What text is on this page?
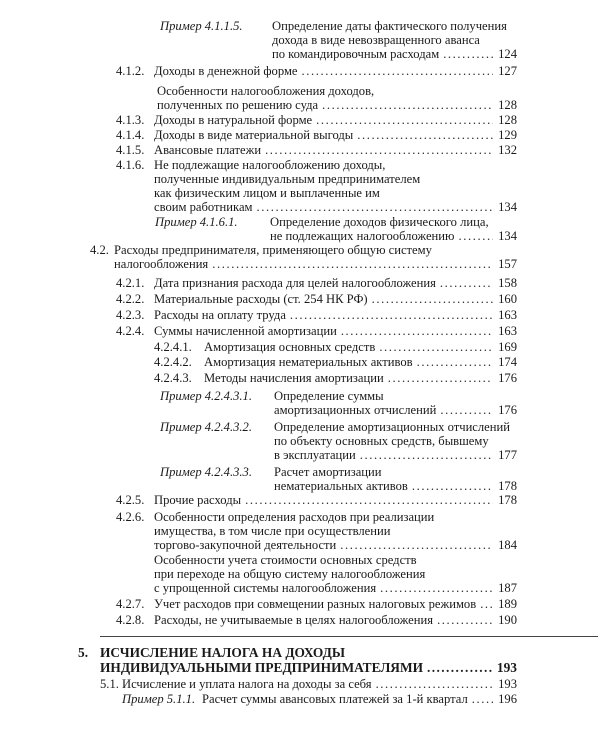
Пример 4.1.1.5.	Определение даты фактического получения
дохода в виде невозвращенного аванса
по командировочным расходам .....	124
4.1.2. Доходы в денежной форме .....	127
Особенности налогообложения доходов,
полученных по решению суда .....	128
4.1.3. Доходы в натуральной форме .....	128
4.1.4. Доходы в виде материальной выгоды .....	129
4.1.5. Авансовые платежи .....	132
4.1.6. Не подлежащие налогообложению доходы,
полученные индивидуальным предпринимателем
как физическим лицом и выплаченные им
своим работникам .....	134
Пример 4.1.6.1.	Определение доходов физического лица,
не подлежащих налогообложению .....	134
4.2. Расходы предпринимателя, применяющего общую систему
налогообложения .....	157
4.2.1. Дата признания расхода для целей налогообложения .....	158
4.2.2. Материальные расходы (ст. 254 НК РФ) .....	160
4.2.3. Расходы на оплату труда .....	163
4.2.4. Суммы начисленной амортизации .....	163
4.2.4.1. Амортизация основных средств .....	169
4.2.4.2. Амортизация нематериальных активов .....	174
4.2.4.3. Методы начисления амортизации .....	176
Пример 4.2.4.3.1.	Определение суммы
амортизационных отчислений .....	176
Пример 4.2.4.3.2.	Определение амортизационных отчислений
по объекту основных средств, бывшему
в эксплуатации .....	177
Пример 4.2.4.3.3.	Расчет амортизации
нематериальных активов .....	178
4.2.5. Прочие расходы .....	178
4.2.6. Особенности определения расходов при реализации
имущества, в том числе при осуществлении
торгово-закупочной деятельности .....	184
Особенности учета стоимости основных средств
при переходе на общую систему налогообложения
с упрощенной системы налогообложения .....	187
4.2.7. Учет расходов при совмещении разных налоговых режимов ..... 189
4.2.8. Расходы, не учитываемые в целях налогообложения .....	190
5. ИСЧИСЛЕНИЕ НАЛОГА НА ДОХОДЫ
ИНДИВИДУАЛЬНЫМИ ПРЕДПРИНИМАТЕЛЯМИ .....	193
5.1. Исчисление и уплата налога на доходы за себя .....	193
Пример 5.1.1. Расчет суммы авансовых платежей за 1-й квартал ..... 196
